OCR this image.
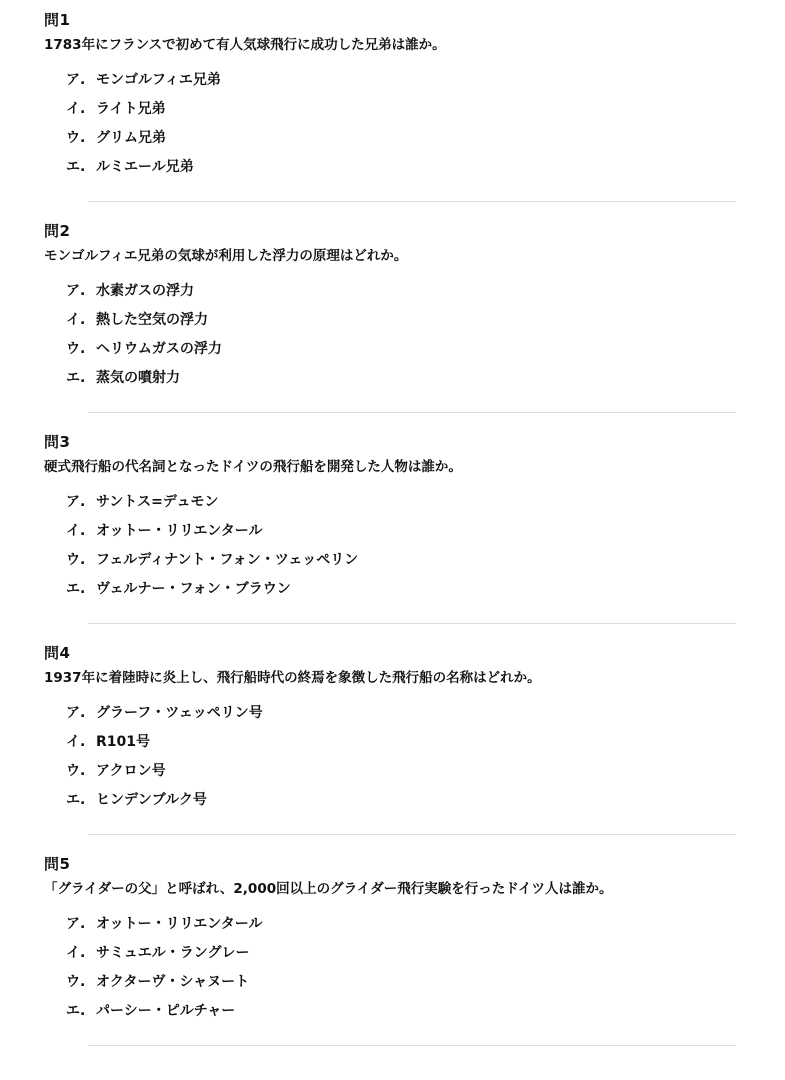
問1
1783年にフランスで初めて有人気球飛行に成功した兄弟は誰か。
ア. モンゴルフィエ兄弟
イ. ライト兄弟
ウ. グリム兄弟
エ. ルミエール兄弟
問2
モンゴルフィエ兄弟の気球が利用した浮力の原理はどれか。
ア. 水素ガスの浮力
イ. 熱した空気の浮力
ウ. ヘリウムガスの浮力
エ. 蒸気の噴射力
問3
硬式飛行船の代名詞となったドイツの飛行船を開発した人物は誰か。
ア. サントス=デュモン
イ. オットー・リリエンタール
ウ. フェルディナント・フォン・ツェッペリン
エ. ヴェルナー・フォン・ブラウン
問4
1937年に着陸時に炎上し、飛行船時代の終焉を象徴した飛行船の名称はどれか。
ア. グラーフ・ツェッペリン号
イ. R101号
ウ. アクロン号
エ. ヒンデンブルク号
問5
「グライダーの父」と呼ばれ、2,000回以上のグライダー飛行実験を行ったドイツ人は誰か。
ア. オットー・リリエンタール
イ. サミュエル・ラングレー
ウ. オクターヴ・シャヌート
エ. パーシー・ピルチャー
